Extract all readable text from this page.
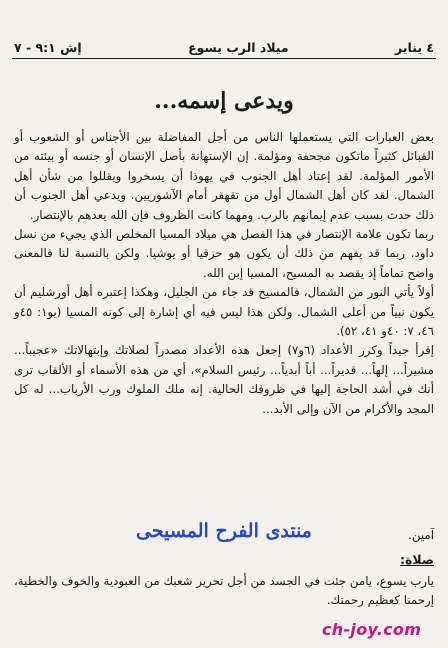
٤ يناير
ميلاد الرب يسوع
إش ٩:١ - ٧
ويدعى إسمه...

بعض العبارات التي يستعملها الناس من أجل المفاضلة بين الأجناس أو الشعوب أو القبائل كثيراً ماتكون مجحفة ومؤلمة. إن الإستهانة بأصل الإنسان أو جنسه أو بيئته من الأمور المؤلمة. لقد إعتاد أهل الجنوب في يهوذا أن يسخروا ويقللوا من شأن أهل الشمال. لقد كان أهل الشمال أول من تقهقر أمام الآشوريين. ويدعي أهل الجنوب أن ذلك حدث بسبب عدم إيمانهم بالرب. ومهما كانت الظروف فإن الله يعدهم بالإنتصار.

ربما تكون علامة الإنتصار في هذا الفصل هي ميلاد المسيا المخلص الذي يجيء من نسل داود. ربما قد يفهم من ذلك أن يكون هو حزقيا أو يوشيا. ولكن بالنسبة لنا فالمعنى واضح تماماً إذ يقصد به المسيح، المسيا إبن الله.

أولاً يأتي النور من الشمال، فالمسيح قد جاء من الجليل، وهكذا إعتبره أهل أورشليم أن يكون نبياً من أعلى الشمال. ولكن هذا ليس فيه أي إشارة إلى كونه المسيا (يو١: ٤٥و ٤٦، ٧: ٤٠و ٤١، ٥٢).

إقرأ جيداً وكرر الأعداد (٦و٧) إجعل هذه الأعداد مصدراً لصلاتك وإبتهالاتك «عجيباً... مشيراً... إلهاً... قديراً... أباً أبدياً... رئيس السلام»، أي من هذه الأسماء أو الألقاب ترى أنك في أشد الحاجة إليها في ظروفك الحالية. إنه ملك الملوك ورب الأرباب... له كل المجد والأكرام من الآن وإلى الأبد...

آمين.
منتدى الفرح المسيحى
صلاة:
يارب يسوع، يامن جئت في الجسد من أجل تحرير شعبك من العبودية والخوف والخطية، إرحمنا كعظيم رحمتك.
ch-joy.com
